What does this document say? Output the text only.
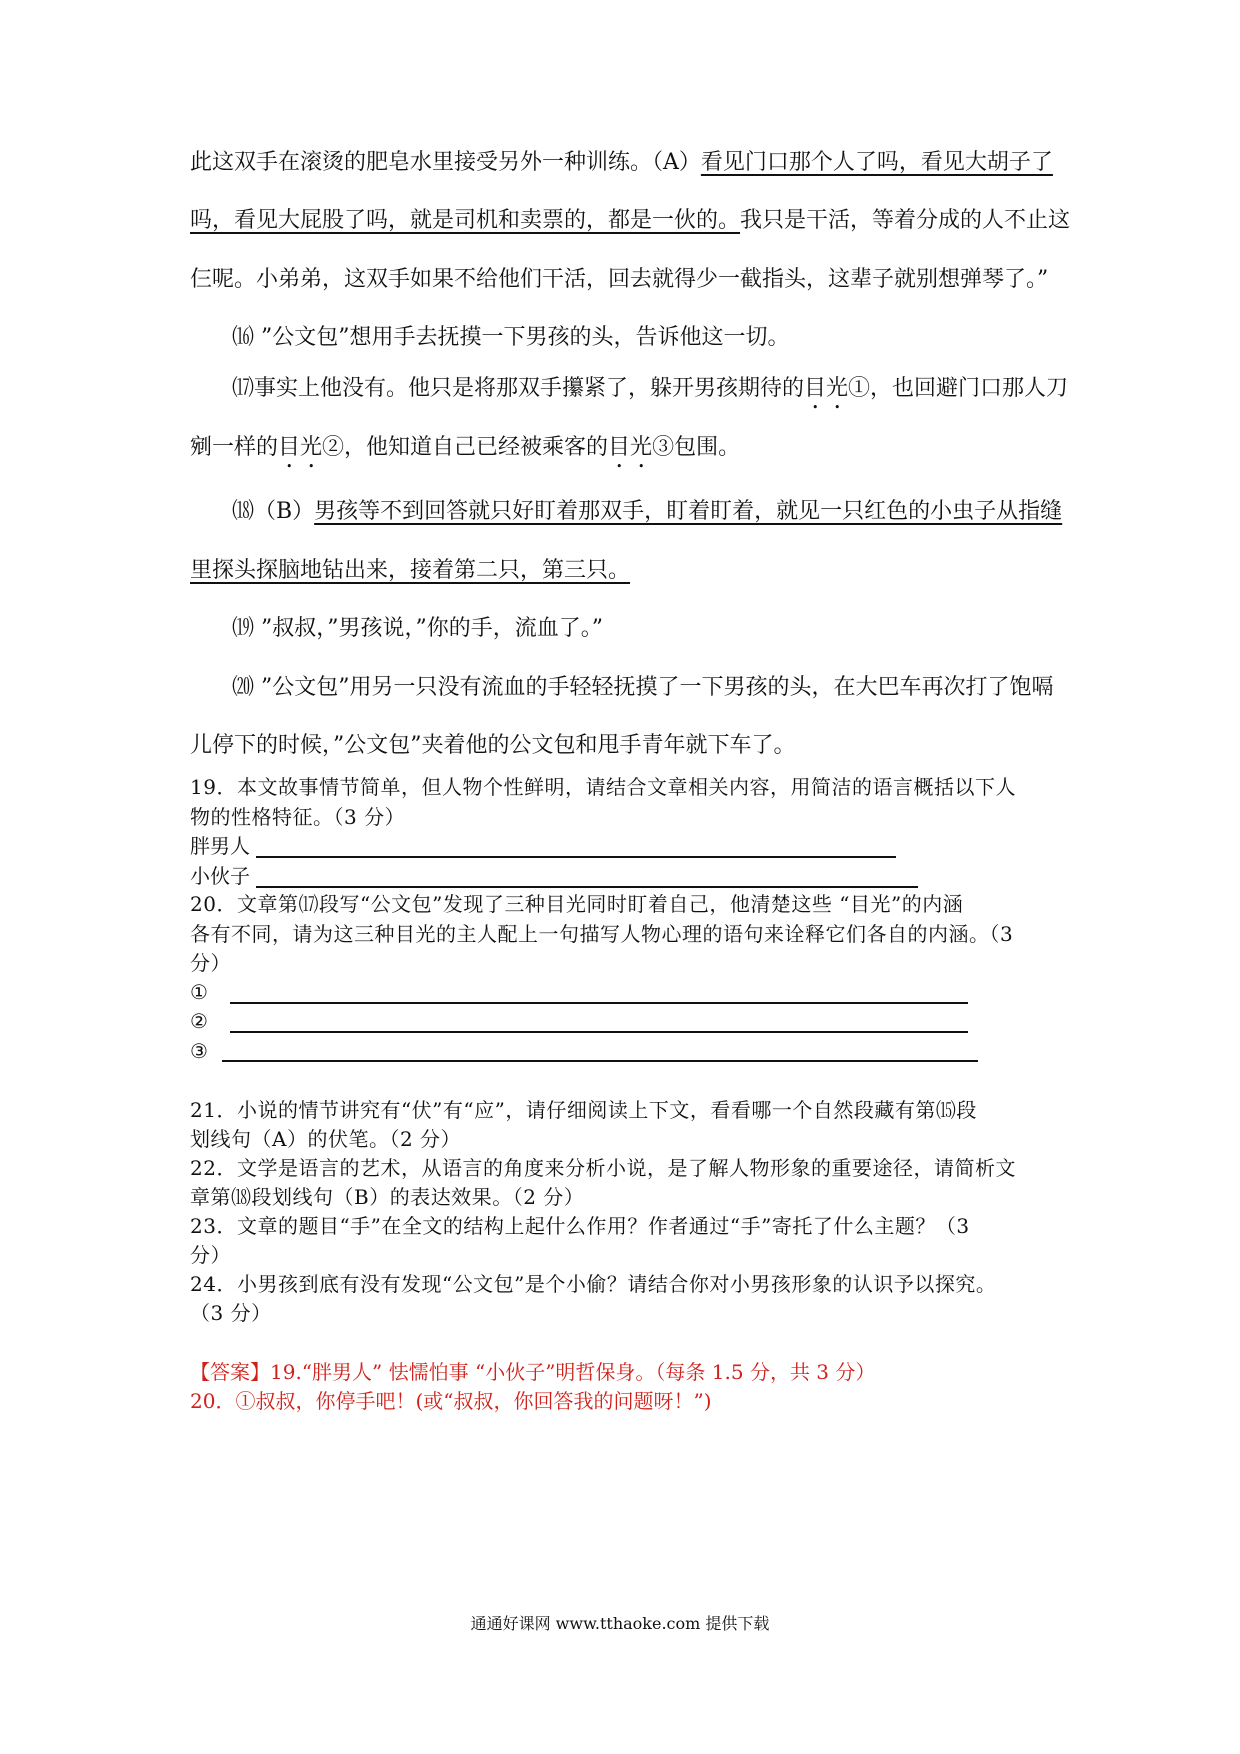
此这双手在滚烫的肥皂水里接受另外一种训练。（A）看见门口那个人了吗，看见大胡子了
吗，看见大屁股了吗，就是司机和卖票的，都是一伙的。我只是干活，等着分成的人不止这
仨呢。小弟弟，这双手如果不给他们干活，回去就得少一截指头，这辈子就别想弹琴了。”
⒃ ”公文包”想用手去抚摸一下男孩的头，告诉他这一切。
⒄事实上他没有。他只是将那双手攥紧了，躲开男孩期待的目光①，也回避门口那人刀
剜一样的目光②，他知道自己已经被乘客的目光③包围。
⒅（B）男孩等不到回答就只好盯着那双手，盯着盯着，就见一只红色的小虫子从指缝
里探头探脑地钻出来，接着第二只，第三只。
⒆ ”叔叔，”男孩说，”你的手，流血了。”
⒇ ”公文包”用另一只没有流血的手轻轻抚摸了一下男孩的头，在大巴车再次打了饱嗝
儿停下的时候，”公文包”夹着他的公文包和甩手青年就下车了。
19．本文故事情节简单，但人物个性鲜明，请结合文章相关内容，用简洁的语言概括以下人
物的性格特征。（3 分）
胖男人
小伙子
20．文章第⒄段写“公文包”发现了三种目光同时盯着自己，他清楚这些 “目光”的内涵
各有不同，请为这三种目光的主人配上一句描写人物心理的语句来诠释它们各自的内涵。（3
分）
①
②
③
21．小说的情节讲究有“伏”有“应”，请仔细阅读上下文，看看哪一个自然段藏有第⒂段
划线句（A）的伏笔。（2 分）
22．文学是语言的艺术，从语言的角度来分析小说，是了解人物形象的重要途径，请简析文
章第⒅段划线句（B）的表达效果。（2 分）
23．文章的题目“手”在全文的结构上起什么作用？作者通过“手”寄托了什么主题？（3
分）
24．小男孩到底有没有发现“公文包”是个小偷？请结合你对小男孩形象的认识予以探究。
（3 分）
【答案】19.“胖男人” 怯懦怕事 “小伙子”明哲保身。（每条 1.5 分，共 3 分）
20．①叔叔，你停手吧！(或“叔叔，你回答我的问题呀！”)
通通好课网 www.tthaoke.com 提供下载
